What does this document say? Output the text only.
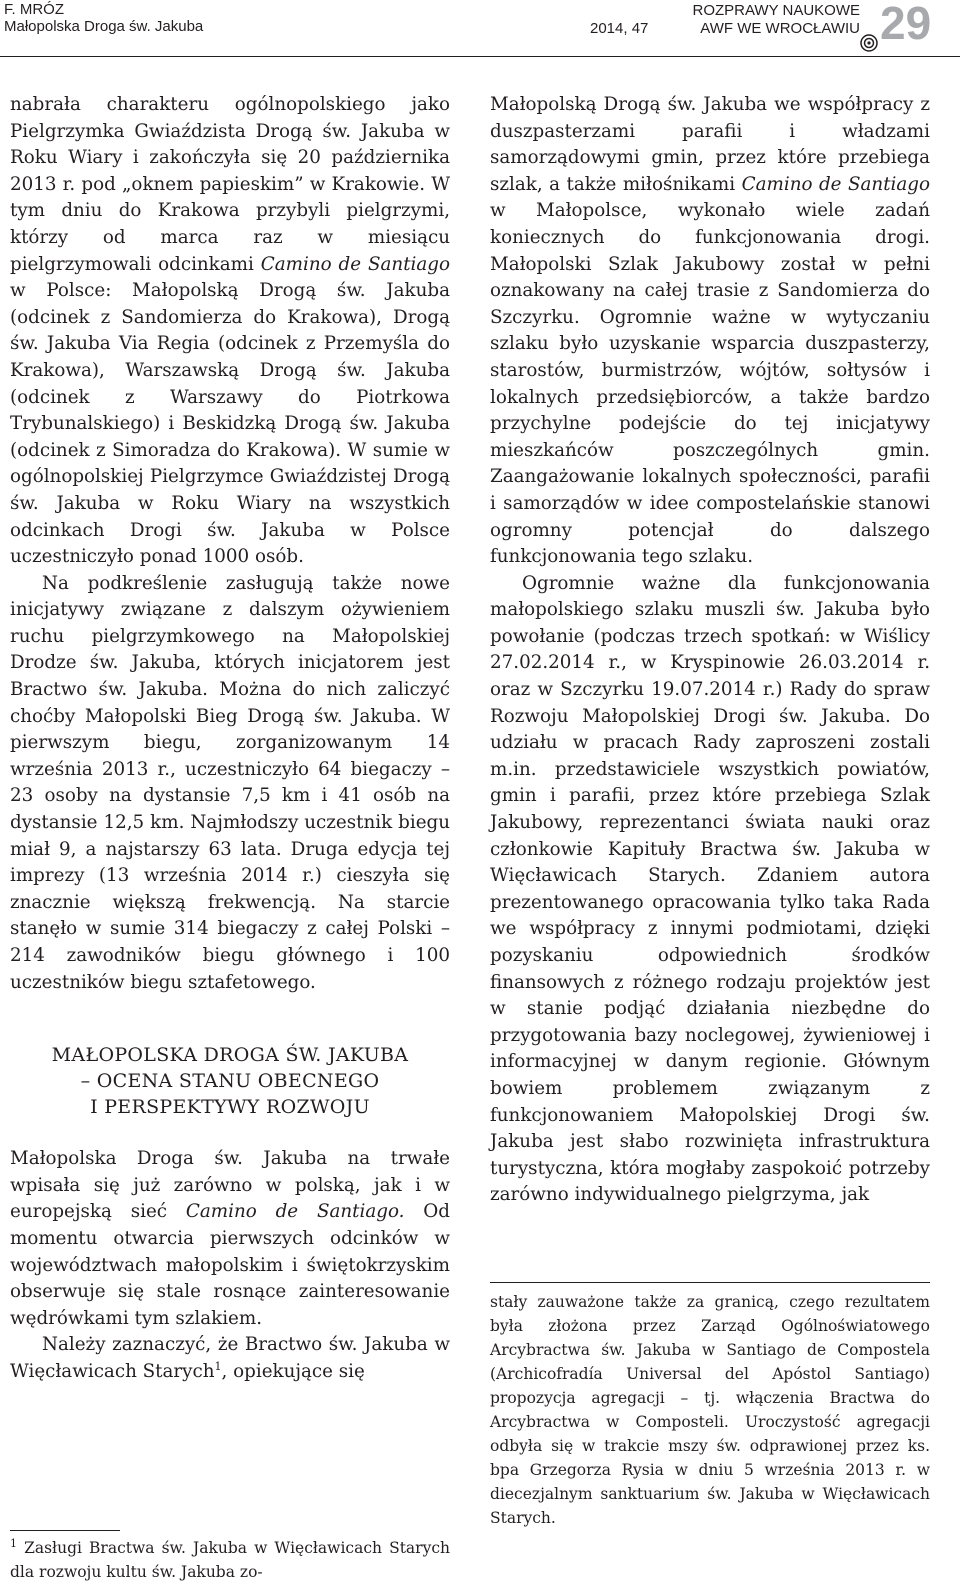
F. MRÓZ
Małopolska Droga św. Jakuba	2014, 47
ROZPRAWY NAUKOWE
AWF WE WROCŁAWIU 29

nabrała charakteru ogólnopolskiego jako Pielgrzymka Gwiaździsta Drogą św. Jakuba w Roku Wiary i zakończyła się 20 października 2013 r. pod „oknem papieskim” w Krakowie. W tym dniu do Krakowa przybyli pielgrzymi, którzy od marca raz w miesiącu pielgrzymowali odcinkami Camino de Santiago w Polsce: Małopolską Drogą św. Jakuba (odcinek z Sandomierza do Krakowa), Drogą św. Jakuba Via Regia (odcinek z Przemyśla do Krakowa), Warszawską Drogą św. Jakuba (odcinek z Warszawy do Piotrkowa Trybunalskiego) i Beskidzką Drogą św. Jakuba (odcinek z Simoradza do Krakowa). W sumie w ogólnopolskiej Pielgrzymce Gwiaździstej Drogą św. Jakuba w Roku Wiary na wszystkich odcinkach Drogi św. Jakuba w Polsce uczestniczyło ponad 1000 osób.

Na podkreślenie zasługują także nowe inicjatywy związane z dalszym ożywieniem ruchu pielgrzymkowego na Małopolskiej Drodze św. Jakuba, których inicjatorem jest Bractwo św. Jakuba. Można do nich zaliczyć choćby Małopolski Bieg Drogą św. Jakuba. W pierwszym biegu, zorganizowanym 14 września 2013 r., uczestniczyło 64 biegaczy – 23 osoby na dystansie 7,5 km i 41 osób na dystansie 12,5 km. Najmłodszy uczestnik biegu miał 9, a najstarszy 63 lata. Druga edycja tej imprezy (13 września 2014 r.) cieszyła się znacznie większą frekwencją. Na starcie stanęło w sumie 314 biegaczy z całej Polski – 214 zawodników biegu głównego i 100 uczestników biegu sztafetowego.

MAŁOPOLSKA DROGA ŚW. JAKUBA
– OCENA STANU OBECNEGO
I PERSPEKTYWY ROZWOJU

Małopolska Droga św. Jakuba na trwałe wpisała się już zarówno w polską, jak i w europejską sieć Camino de Santiago. Od momentu otwarcia pierwszych odcinków w województwach małopolskim i świętokrzyskim obserwuje się stale rosnące zainteresowanie wędrówkami tym szlakiem.

Należy zaznaczyć, że Bractwo św. Jakuba w Więcławicach Starych$^1$, opiekujące się

$^1$ Zasługi Bractwa św. Jakuba w Więcławicach Starych dla rozwoju kultu św. Jakuba zo-

Małopolską Drogą św. Jakuba we współpracy z duszpasterzami parafii i władzami samorządowymi gmin, przez które przebiega szlak, a także miłośnikami Camino de Santiago w Małopolsce, wykonało wiele zadań koniecznych do funkcjonowania drogi. Małopolski Szlak Jakubowy został w pełni oznakowany na całej trasie z Sandomierza do Szczyrku. Ogromnie ważne w wytyczaniu szlaku było uzyskanie wsparcia duszpasterzy, starostów, burmistrzów, wójtów, sołtysów i lokalnych przedsiębiorców, a także bardzo przychylne podejście do tej inicjatywy mieszkańców poszczególnych gmin. Zaangażowanie lokalnych społeczności, parafii i samorządów w idee compostelańskie stanowi ogromny potencjał do dalszego funkcjonowania tego szlaku.

Ogromnie ważne dla funkcjonowania małopolskiego szlaku muszli św. Jakuba było powołanie (podczas trzech spotkań: w Wiślicy 27.02.2014 r., w Kryspinowie 26.03.2014 r. oraz w Szczyrku 19.07.2014 r.) Rady do spraw Rozwoju Małopolskiej Drogi św. Jakuba. Do udziału w pracach Rady zaproszeni zostali m.in. przedstawiciele wszystkich powiatów, gmin i parafii, przez które przebiega Szlak Jakubowy, reprezentanci świata nauki oraz członkowie Kapituły Bractwa św. Jakuba w Więcławicach Starych. Zdaniem autora prezentowanego opracowania tylko taka Rada we współpracy z innymi podmiotami, dzięki pozyskaniu odpowiednich środków finansowych z różnego rodzaju projektów jest w stanie podjąć działania niezbędne do przygotowania bazy noclegowej, żywieniowej i informacyjnej w danym regionie. Głównym bowiem problemem związanym z funkcjonowaniem Małopolskiej Drogi św. Jakuba jest słabo rozwinięta infrastruktura turystyczna, która mogłaby zaspokoić potrzeby zarówno indywidualnego pielgrzyma, jak

stały zauważone także za granicą, czego rezultatem była złożona przez Zarząd Ogólnoświatowego Arcybractwa św. Jakuba w Santiago de Compostela (Archicofradía Universal del Apóstol Santiago) propozycja agregacji – tj. włączenia Bractwa do Arcybractwa w Composteli. Uroczystość agregacji odbyła się w trakcie mszy św. odprawionej przez ks. bpa Grzegorza Rysia w dniu 5 września 2013 r. w diecezjalnym sanktuarium św. Jakuba w Więcławicach Starych.
